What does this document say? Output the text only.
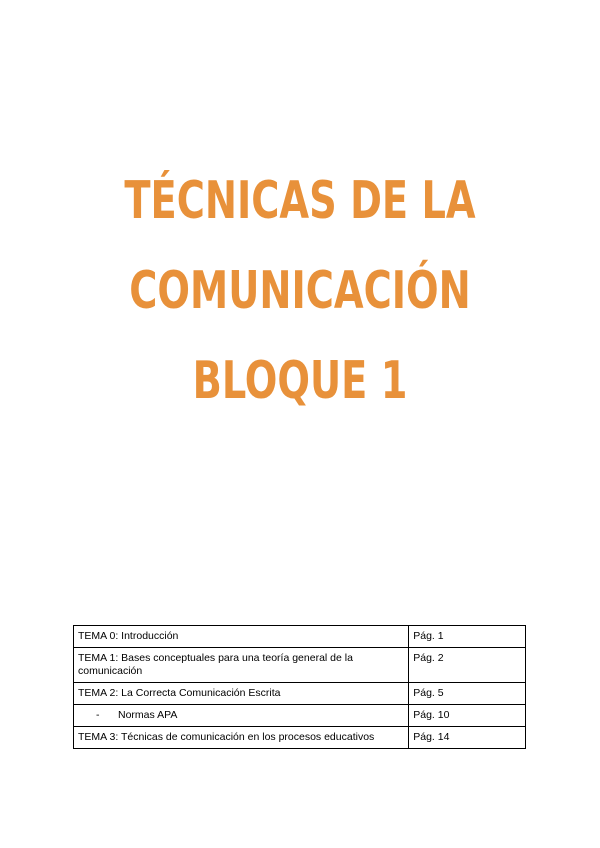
TÉCNICAS DE LA
COMUNICACIÓN
BLOQUE 1
TEMA 0: Introducción	Pág. 1
TEMA 1: Bases conceptuales para una teoría general de la comunicación	Pág. 2
TEMA 2: La Correcta Comunicación Escrita	Pág. 5

- Normas APA	Pág. 10
TEMA 3: Técnicas de comunicación en los procesos educativos	Pág. 14
